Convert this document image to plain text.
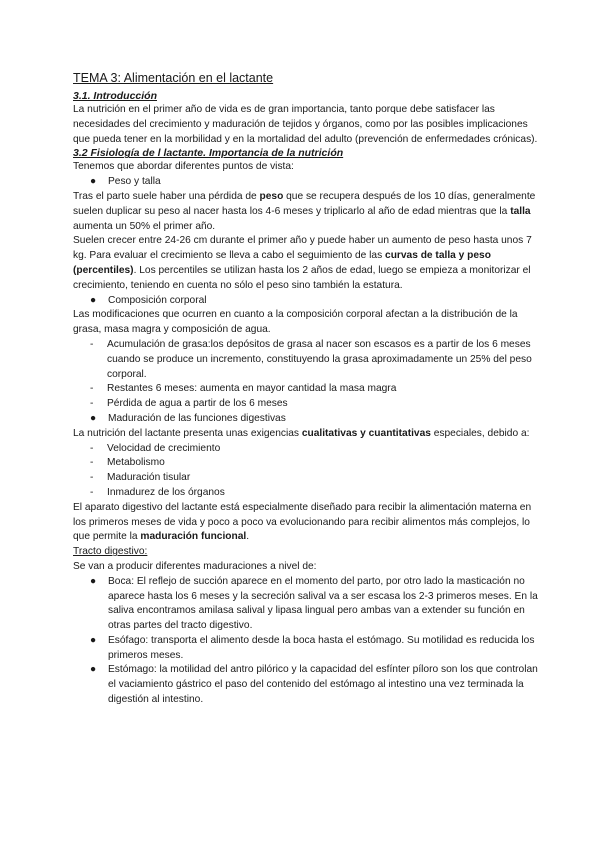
TEMA 3: Alimentación en el lactante
3.1. Introducción

La nutrición en el primer año de vida es de gran importancia, tanto porque debe satisfacer las necesidades del crecimiento y maduración de tejidos y órganos, como por las posibles implicaciones que pueda tener en la morbilidad y en la mortalidad del adulto (prevención de enfermedades crónicas).

3.2 Fisiología de l lactante. Importancia de la nutrición

Tenemos que abordar diferentes puntos de vista:

● Peso y talla

Tras el parto suele haber una pérdida de peso que se recupera después de los 10 días, generalmente suelen duplicar su peso al nacer hasta los 4-6 meses y triplicarlo al año de edad mientras que la talla aumenta un 50% el primer año.

Suelen crecer entre 24-26 cm durante el primer año y puede haber un aumento de peso hasta unos 7 kg. Para evaluar el crecimiento se lleva a cabo el seguimiento de las curvas de talla y peso (percentiles). Los percentiles se utilizan hasta los 2 años de edad, luego se empieza a monitorizar el crecimiento, teniendo en cuenta no sólo el peso sino también la estatura.

● Composición corporal

Las modificaciones que ocurren en cuanto a la composición corporal afectan a la distribución de la grasa, masa magra y composición de agua.

- Acumulación de grasa:los depósitos de grasa al nacer son escasos es a partir de los 6 meses cuando se produce un incremento, constituyendo la grasa aproximadamente un 25% del peso corporal.
- Restantes 6 meses: aumenta en mayor cantidad la masa magra
- Pérdida de agua a partir de los 6 meses
● Maduración de las funciones digestivas

La nutrición del lactante presenta unas exigencias cualitativas y cuantitativas especiales, debido a:

- Velocidad de crecimiento
- Metabolismo
- Maduración tisular
- Inmadurez de los órganos

El aparato digestivo del lactante está especialmente diseñado para recibir la alimentación materna en los primeros meses de vida y poco a poco va evolucionando para recibir alimentos más complejos, lo que permite la maduración funcional.

Tracto digestivo:

Se van a producir diferentes maduraciones a nivel de:

● Boca: El reflejo de succión aparece en el momento del parto, por otro lado la masticación no aparece hasta los 6 meses y la secreción salival va a ser escasa los 2-3 primeros meses. En la saliva encontramos amilasa salival y lipasa lingual pero ambas van a extender su función en otras partes del tracto digestivo.
● Esófago: transporta el alimento desde la boca hasta el estómago. Su motilidad es reducida los primeros meses.
● Estómago: la motilidad del antro pilórico y la capacidad del esfínter píloro son los que controlan el vaciamiento gástrico el paso del contenido del estómago al intestino una vez terminada la digestión al intestino.
